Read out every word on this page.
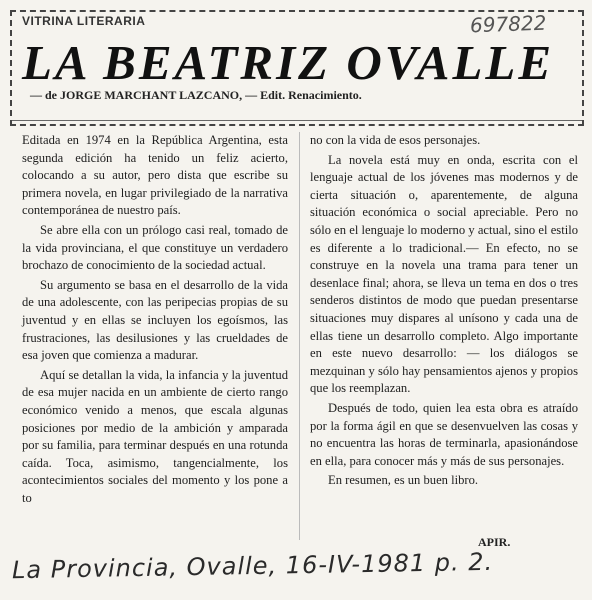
VITRINA LITERARIA	697822
LA BEATRIZ OVALLE
— de JORGE MARCHANT LAZCANO, — Edit. Renacimiento.

Editada en 1974 en la República Argentina, esta segunda edición ha tenido un feliz acierto, colocando a su autor, pero dista que escribe su primera novela, en lugar privilegiado de la narrativa contemporánea de nuestro país.

Se abre ella con un prólogo casi real, tomado de la vida provinciana, el que constituye un verdadero brochazo de conocimiento de la sociedad actual.

Su argumento se basa en el desarrollo de la vida de una adolescente, con las peripecias propias de su juventud y en ellas se incluyen los egoísmos, las frustraciones, las desilusiones y las crueldades de esa joven que comienza a madurar.

Aquí se detallan la vida, la infancia y la juventud de esa mujer nacida en un ambiente de cierto rango económico venido a menos, que escala algunas posiciones por medio de la ambición y amparada por su familia, para terminar después en una rotunda caída. Toca, asimismo, tangencialmente, los acontecimientos sociales del momento y los pone a to

no con la vida de esos personajes.

La novela está muy en onda, escrita con el lenguaje actual de los jóvenes mas modernos y de cierta situación o, aparentemente, de alguna situación económica o social apreciable. Pero no sólo en el lenguaje lo moderno y actual, sino el estilo es diferente a lo tradicional.— En efecto, no se construye en la novela una trama para tener un desenlace final; ahora, se lleva un tema en dos o tres senderos distintos de modo que puedan presentarse situaciones muy dispares al unísono y cada una de ellas tiene un desarrollo completo. Algo importante en este nuevo desarrollo: — los diálogos se mezquinan y sólo hay pensamientos ajenos y propios que los reemplazan.

Después de todo, quien lea esta obra es atraído por la forma ágil en que se desenvuelven las cosas y no encuentra las horas de terminarla, apasionándose en ella, para conocer más y más de sus personajes.

En resumen, es un buen libro.

APIR.
La Provincia, Ovalle, 16-IV-1981 p. 2.
